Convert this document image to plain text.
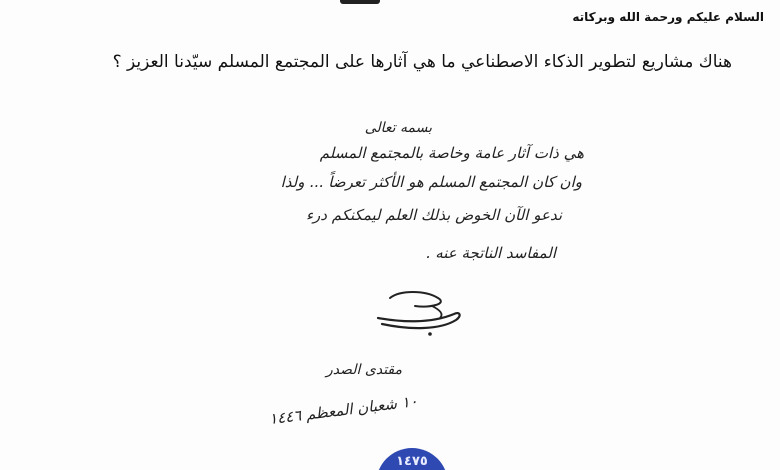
السلام عليكم ورحمة الله وبركاته
هناك مشاريع لتطوير الذكاء الاصطناعي ما هي آثارها على المجتمع المسلم سيّدنا العزيز ؟
بسمه تعالى
هي ذات آثار عامة وخاصة بالمجتمع المسلم
وان كان المجتمع المسلم هو الأكثر تعرضاً ... ولذا
ندعو الآن الخوض بذلك العلم ليمكنكم درء
المفاسد الناتجة عنه .
مقتدى الصدر
١٠ شعبان المعظم ١٤٤٦
١٤٧٥
